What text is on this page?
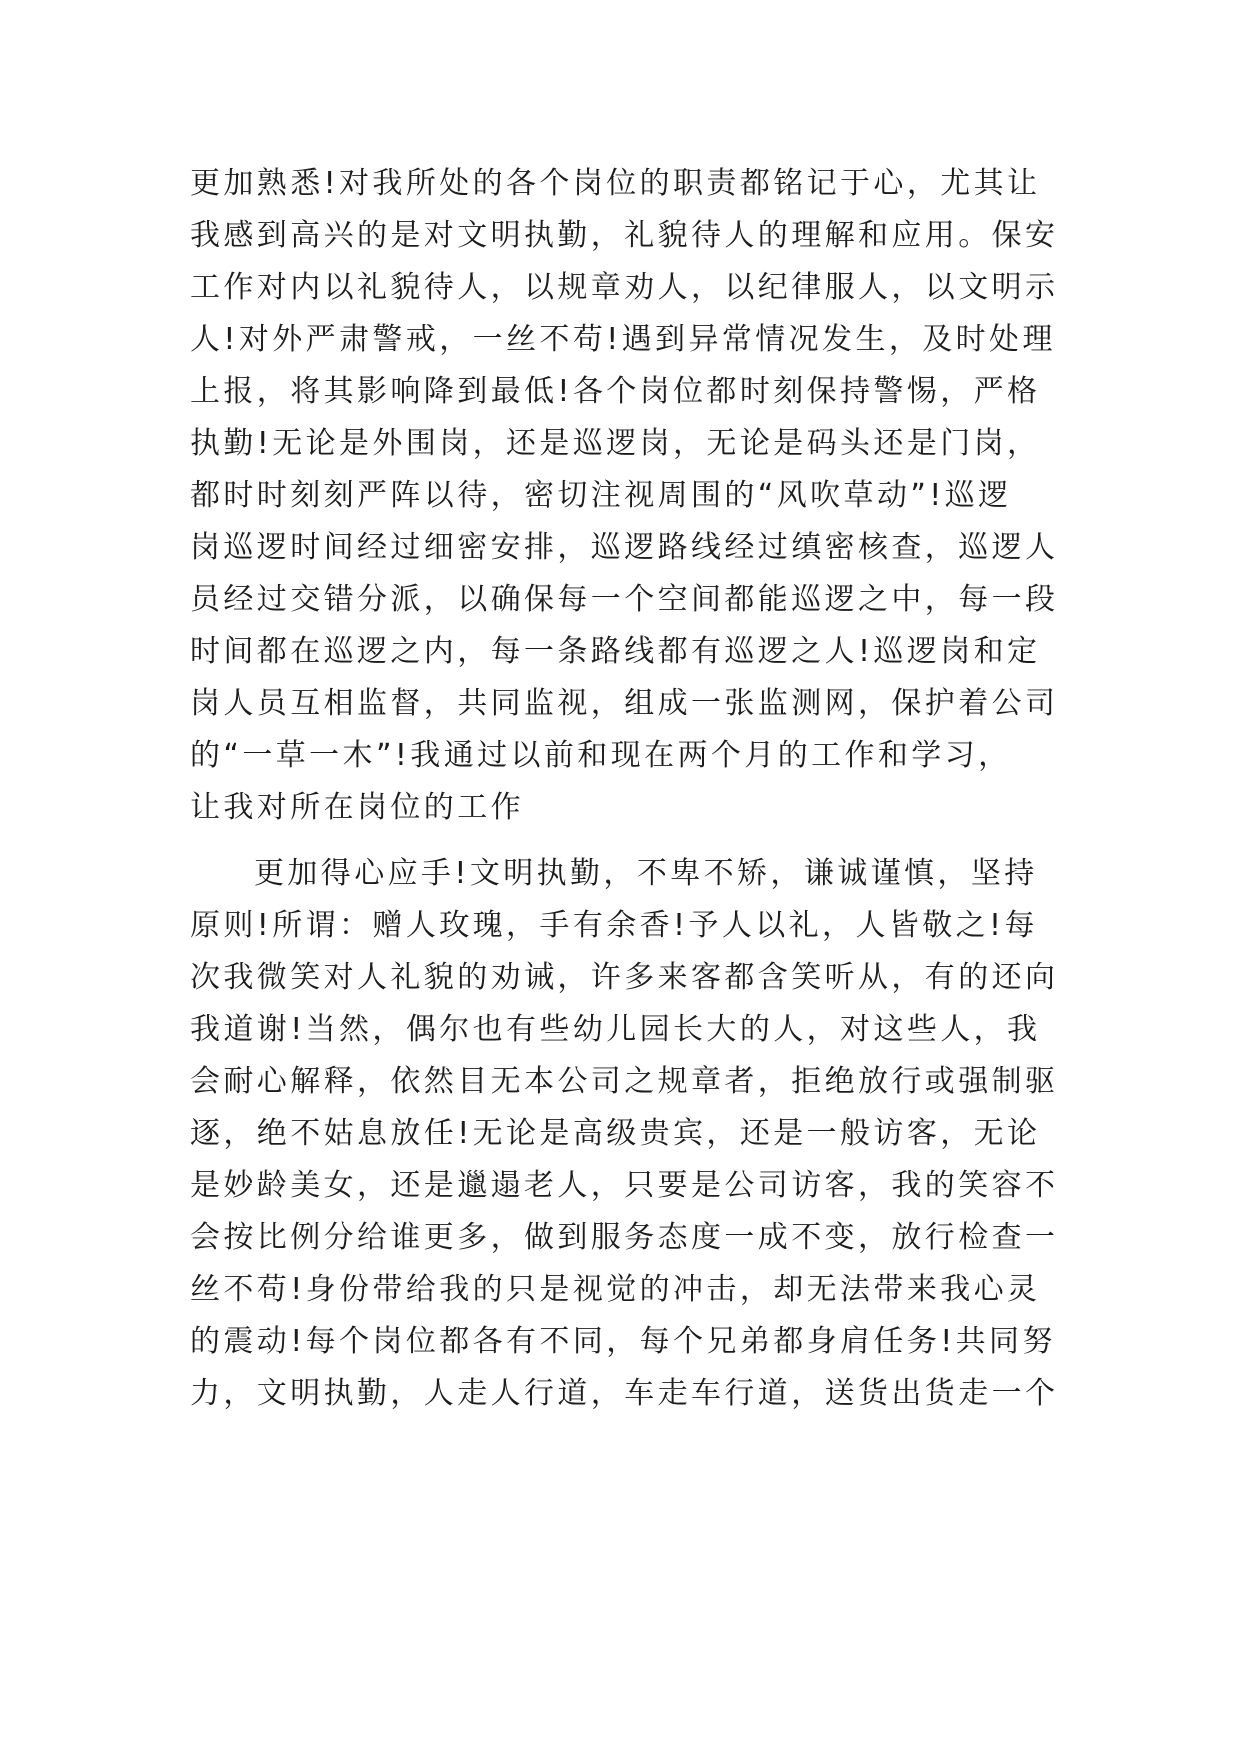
更加熟悉!对我所处的各个岗位的职责都铭记于心，尤其让
我感到高兴的是对文明执勤，礼貌待人的理解和应用。保安
工作对内以礼貌待人，以规章劝人，以纪律服人，以文明示
人!对外严肃警戒，一丝不苟!遇到异常情况发生，及时处理
上报，将其影响降到最低!各个岗位都时刻保持警惕，严格
执勤!无论是外围岗，还是巡逻岗，无论是码头还是门岗，
都时时刻刻严阵以待，密切注视周围的“风吹草动”!巡逻
岗巡逻时间经过细密安排，巡逻路线经过缜密核查，巡逻人
员经过交错分派，以确保每一个空间都能巡逻之中，每一段
时间都在巡逻之内，每一条路线都有巡逻之人!巡逻岗和定
岗人员互相监督，共同监视，组成一张监测网，保护着公司
的“一草一木”!我通过以前和现在两个月的工作和学习，
让我对所在岗位的工作
更加得心应手!文明执勤，不卑不矫，谦诚谨慎，坚持
原则!所谓：赠人玫瑰，手有余香!予人以礼，人皆敬之!每
次我微笑对人礼貌的劝诫，许多来客都含笑听从，有的还向
我道谢!当然，偶尔也有些幼儿园长大的人，对这些人，我
会耐心解释，依然目无本公司之规章者，拒绝放行或强制驱
逐，绝不姑息放任!无论是高级贵宾，还是一般访客，无论
是妙龄美女，还是邋遢老人，只要是公司访客，我的笑容不
会按比例分给谁更多，做到服务态度一成不变，放行检查一
丝不苟!身份带给我的只是视觉的冲击，却无法带来我心灵
的震动!每个岗位都各有不同，每个兄弟都身肩任务!共同努
力，文明执勤，人走人行道，车走车行道，送货出货走一个
